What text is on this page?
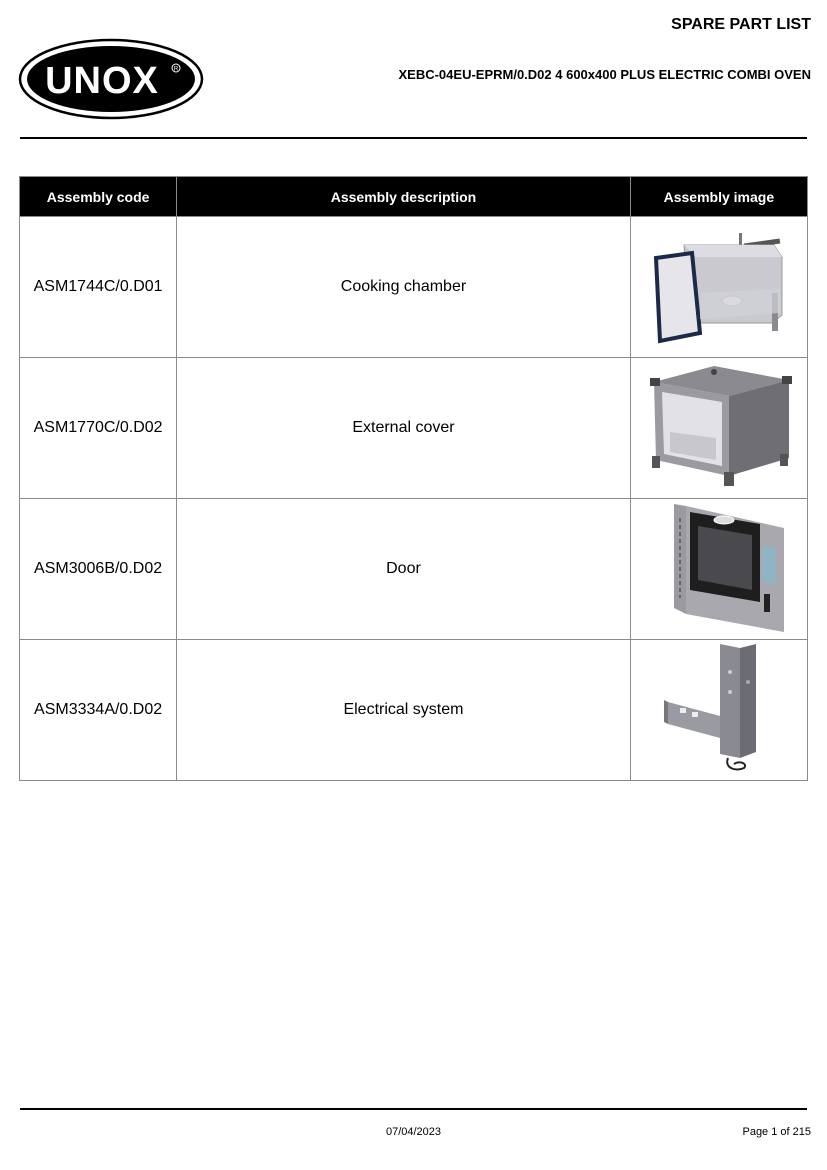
UNOX R
SPARE PART LIST
XEBC-04EU-EPRM/0.D02 4 600x400 PLUS ELECTRIC COMBI OVEN
Assembly code	Assembly description	Assembly image
ASM1744C/0.D01	Cooking chamber	

ASM1770C/0.D02	External cover	

ASM3006B/0.D02	Door	

ASM3334A/0.D02	Electrical system	
07/04/2023	Page 1 of 215
